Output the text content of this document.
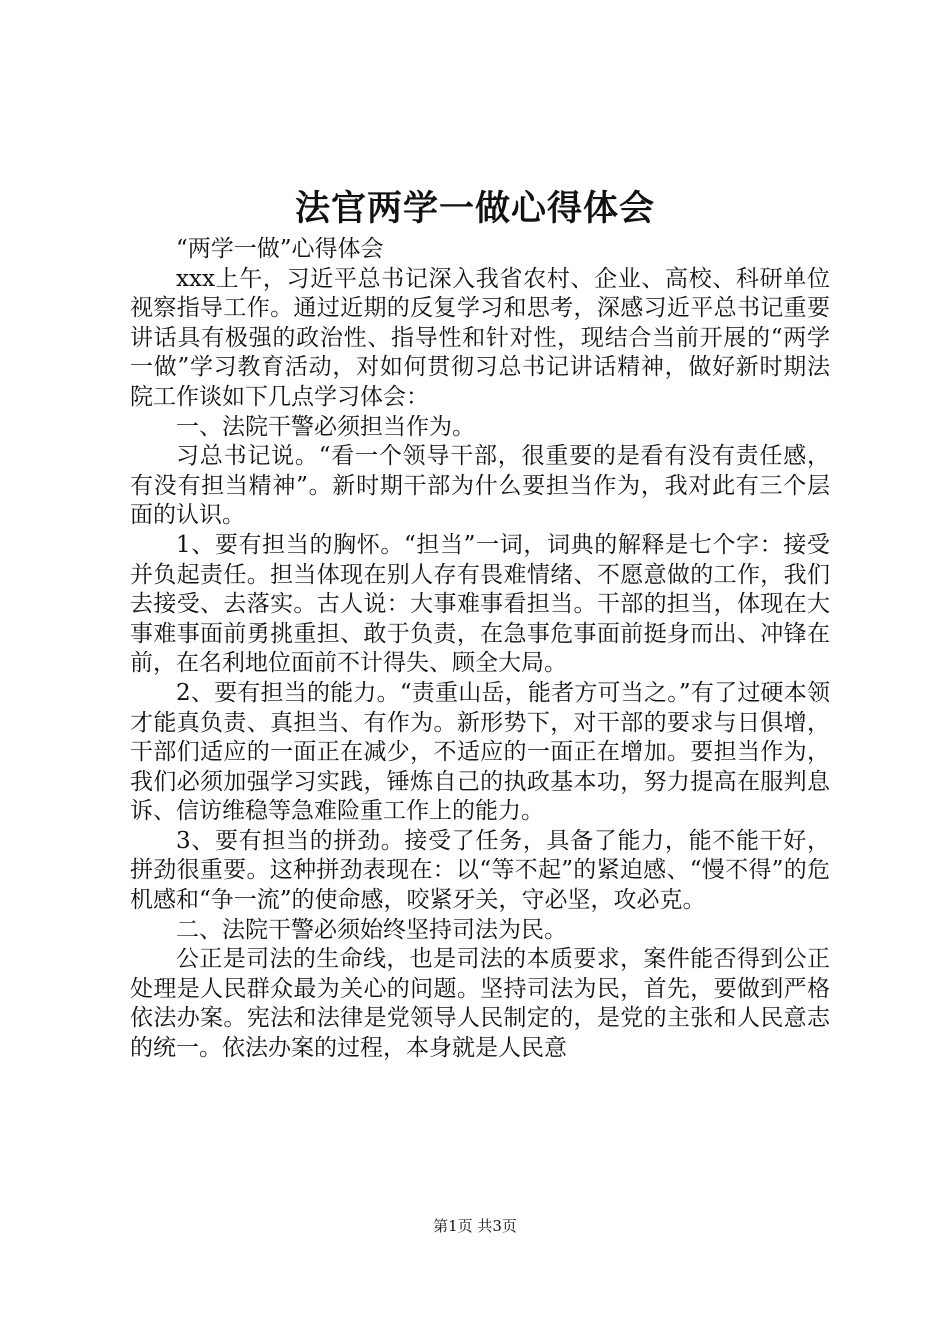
法官两学一做心得体会

“两学一做”心得体会

xxx上午，习近平总书记深入我省农村、企业、高校、科研单位视察指导工作。通过近期的反复学习和思考，深感习近平总书记重要讲话具有极强的政治性、指导性和针对性，现结合当前开展的“两学一做”学习教育活动，对如何贯彻习总书记讲话精神，做好新时期法院工作谈如下几点学习体会：

一、法院干警必须担当作为。

习总书记说。“看一个领导干部，很重要的是看有没有责任感，有没有担当精神”。新时期干部为什么要担当作为，我对此有三个层面的认识。

1、要有担当的胸怀。“担当”一词，词典的解释是七个字：接受并负起责任。担当体现在别人存有畏难情绪、不愿意做的工作，我们去接受、去落实。古人说：大事难事看担当。干部的担当，体现在大事难事面前勇挑重担、敢于负责，在急事危事面前挺身而出、冲锋在前，在名利地位面前不计得失、顾全大局。

2、要有担当的能力。“责重山岳，能者方可当之。”有了过硬本领才能真负责、真担当、有作为。新形势下，对干部的要求与日俱增，干部们适应的一面正在减少，不适应的一面正在增加。要担当作为，我们必须加强学习实践，锤炼自己的执政基本功，努力提高在服判息诉、信访维稳等急难险重工作上的能力。

3、要有担当的拼劲。接受了任务，具备了能力，能不能干好，拼劲很重要。这种拼劲表现在：以“等不起”的紧迫感、“慢不得”的危机感和“争一流”的使命感，咬紧牙关，守必坚，攻必克。

二、法院干警必须始终坚持司法为民。

公正是司法的生命线，也是司法的本质要求，案件能否得到公正处理是人民群众最为关心的问题。坚持司法为民，首先，要做到严格依法办案。宪法和法律是党领导人民制定的，是党的主张和人民意志的统一。依法办案的过程，本身就是人民意

第1页 共3页
